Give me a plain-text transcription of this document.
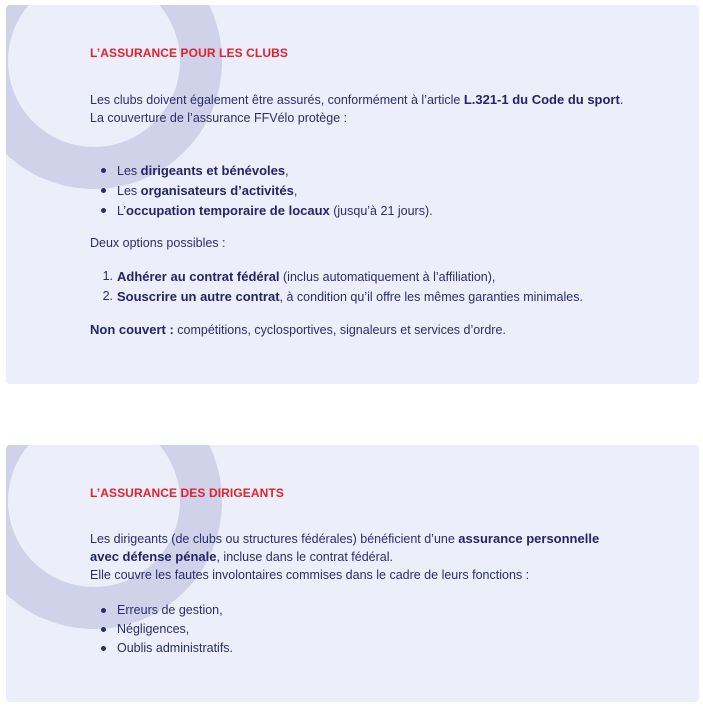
L’ASSURANCE POUR LES CLUBS

Les clubs doivent également être assurés, conformément à l’article L.321-1 du Code du sport.
La couverture de l’assurance FFVélo protège :

Les dirigeants et bénévoles,
Les organisateurs d’activités,
L’occupation temporaire de locaux (jusqu’à 21 jours).

Deux options possibles :

1. Adhérer au contrat fédéral (inclus automatiquement à l’affiliation),
2. Souscrire un autre contrat, à condition qu’il offre les mêmes garanties minimales.

Non couvert : compétitions, cyclosportives, signaleurs et services d’ordre.

L’ASSURANCE DES DIRIGEANTS

Les dirigeants (de clubs ou structures fédérales) bénéficient d’une assurance personnelle avec défense pénale, incluse dans le contrat fédéral.
Elle couvre les fautes involontaires commises dans le cadre de leurs fonctions :

Erreurs de gestion,
Négligences,
Oublis administratifs.
